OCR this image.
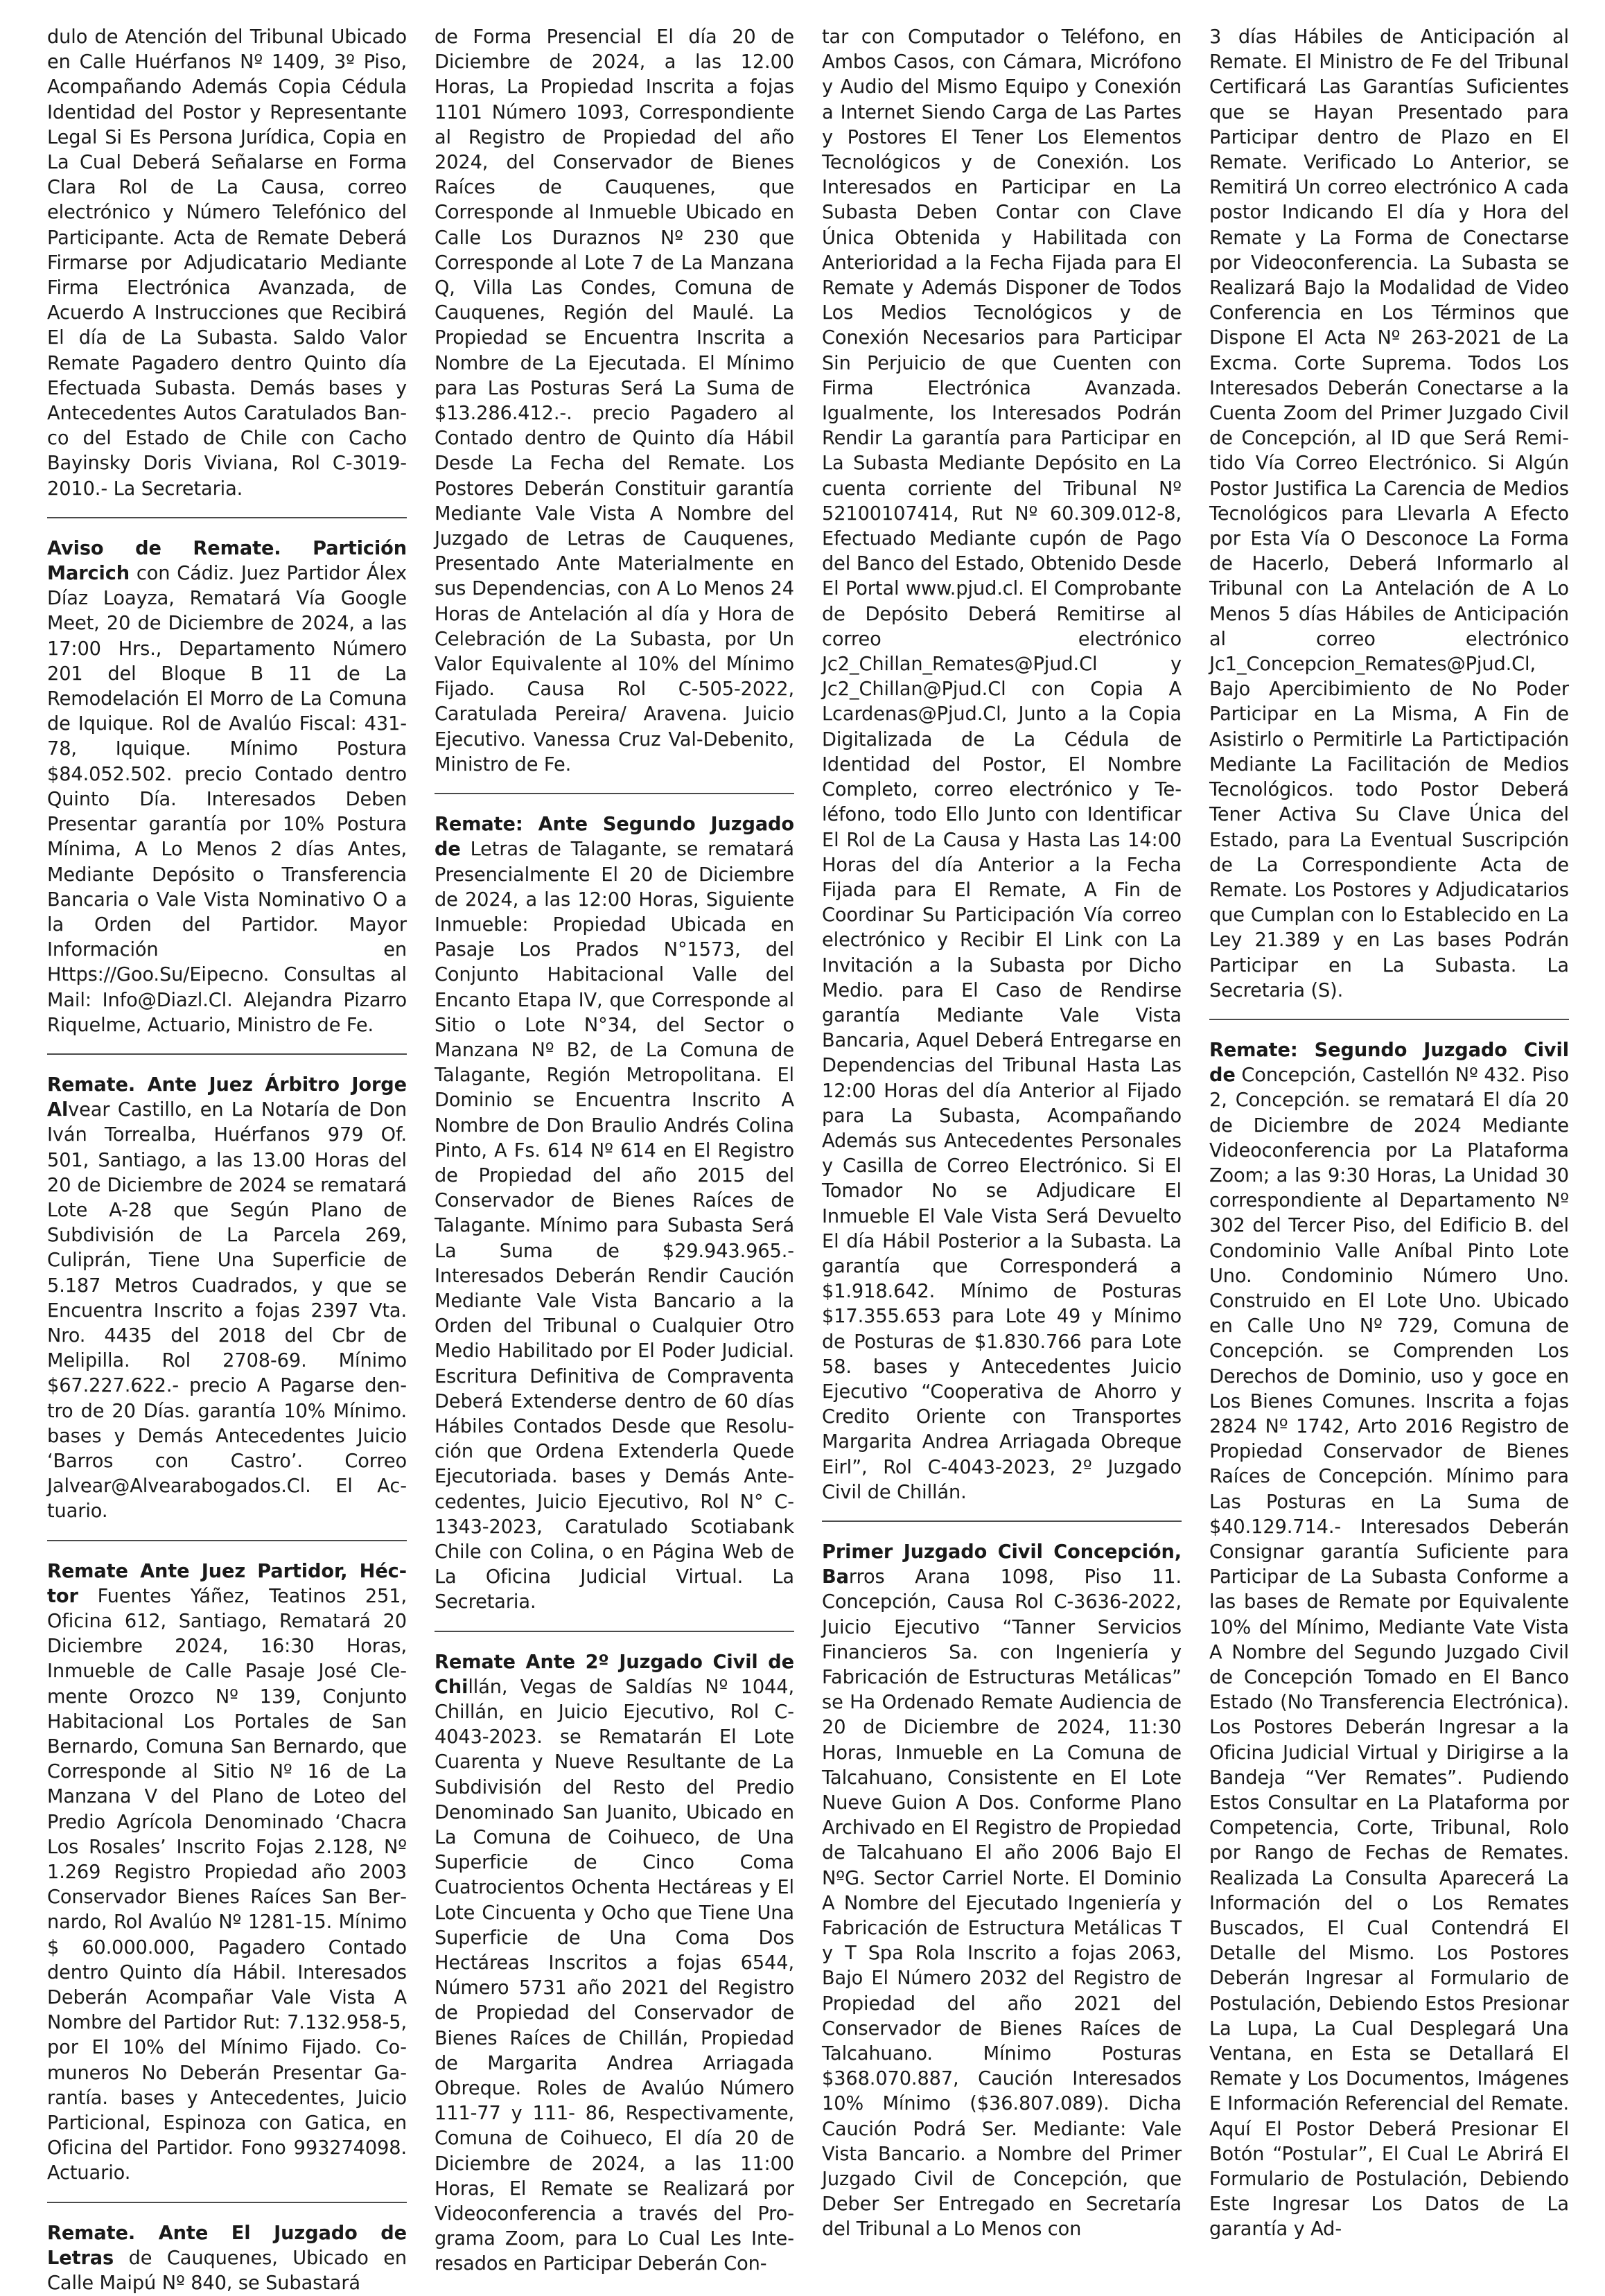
dulo de Atención del Tribunal Ubicado en Calle Huérfanos Nº 1409, 3º Piso, Acompañando Además Copia Cédula Identidad del Postor y Representante Legal Si Es Persona Jurídica, Copia en La Cual Deberá Señalarse en Forma Clara Rol de La Causa, correo electrónico y Número Telefónico del Participante. Acta de Remate Deberá Firmarse por Adjudicatario Mediante Firma Electrónica Avanzada, de Acuerdo A Instrucciones que Recibirá El día de La Subasta. Saldo Valor Remate Pagadero dentro Quinto día Efectuada Subasta. Demás bases y Antecedentes Autos Caratulados Banco del Estado de Chile con Cacho Bayinsky Doris Viviana, Rol C-3019-2010.- La Secretaria.

Aviso de Remate. Partición Marcich con Cádiz. Juez Partidor Álex Díaz Loayza, Rematará Vía Google Meet, 20 de Diciembre de 2024, a las 17:00 Hrs., Departamento Número 201 del Bloque B 11 de La Remodelación El Morro de La Comuna de Iquique. Rol de Avalúo Fiscal: 431-78, Iquique. Mínimo Postura $84.052.502. precio Contado dentro Quinto Día. Interesados Deben Presentar garantía por 10% Postura Mínima, A Lo Menos 2 días Antes, Mediante Depósito o Transferencia Bancaria o Vale Vista Nominativo O a la Orden del Partidor. Mayor Información en Https://Goo.Su/Eipecno. Consultas al Mail: Info@Diazl.Cl. Alejandra Pizarro Riquelme, Actuario, Ministro de Fe.

Remate. Ante Juez Árbitro Jorge Alvear Castillo, en La Notaría de Don Iván Torrealba, Huérfanos 979 Of. 501, Santiago, a las 13.00 Horas del 20 de Diciembre de 2024 se rematará Lote A-28 que Según Plano de Subdivisión de La Parcela 269, Culiprán, Tiene Una Superficie de 5.187 Metros Cuadrados, y que se Encuentra Inscrito a fojas 2397 Vta. Nro. 4435 del 2018 del Cbr de Melipilla. Rol 2708-69. Mínimo $67.227.622.- precio A Pagarse dentro de 20 Días. garantía 10% Mínimo. bases y Demás Antecedentes Juicio ‘Barros con Castro’. Correo Jalvear@Alvearabogados.Cl. El Actuario.

Remate Ante Juez Partidor, Héctor Fuentes Yáñez, Teatinos 251, Oficina 612, Santiago, Rematará 20 Diciembre 2024, 16:30 Horas, Inmueble de Calle Pasaje José Clemente Orozco Nº 139, Conjunto Habitacional Los Portales de San Bernardo, Comuna San Bernardo, que Corresponde al Sitio Nº 16 de La Manzana V del Plano de Loteo del Predio Agrícola Denominado ‘Chacra Los Rosales’ Inscrito Fojas 2.128, Nº 1.269 Registro Propiedad año 2003 Conservador Bienes Raíces San Bernardo, Rol Avalúo Nº 1281-15. Mínimo $ 60.000.000, Pagadero Contado dentro Quinto día Hábil. Interesados Deberán Acompañar Vale Vista A Nombre del Partidor Rut: 7.132.958-5, por El 10% del Mínimo Fijado. Comuneros No Deberán Presentar Garantía. bases y Antecedentes, Juicio Particional, Espinoza con Gatica, en Oficina del Partidor. Fono 993274098. Actuario.

Remate. Ante El Juzgado de Letras de Cauquenes, Ubicado en Calle Maipú Nº 840, se Subastará

de Forma Presencial El día 20 de Diciembre de 2024, a las 12.00 Horas, La Propiedad Inscrita a fojas 1101 Número 1093, Correspondiente al Registro de Propiedad del año 2024, del Conservador de Bienes Raíces de Cauquenes, que Corresponde al Inmueble Ubicado en Calle Los Duraznos Nº 230 que Corresponde al Lote 7 de La Manzana Q, Villa Las Condes, Comuna de Cauquenes, Región del Maulé. La Propiedad se Encuentra Inscrita a Nombre de La Ejecutada. El Mínimo para Las Posturas Será La Suma de $13.286.412.-. precio Pagadero al Contado dentro de Quinto día Hábil Desde La Fecha del Remate. Los Postores Deberán Constituir garantía Mediante Vale Vista A Nombre del Juzgado de Letras de Cauquenes, Presentado Ante Materialmente en sus Dependencias, con A Lo Menos 24 Horas de Antelación al día y Hora de Celebración de La Subasta, por Un Valor Equivalente al 10% del Mínimo Fijado. Causa Rol C-505-2022, Caratulada Pereira/ Aravena. Juicio Ejecutivo. Vanessa Cruz Val-Debenito, Ministro de Fe.

Remate: Ante Segundo Juzgado de Letras de Talagante, se rematará Presencialmente El 20 de Diciembre de 2024, a las 12:00 Horas, Siguiente Inmueble: Propiedad Ubicada en Pasaje Los Prados N°1573, del Conjunto Habitacional Valle del Encanto Etapa IV, que Corresponde al Sitio o Lote N°34, del Sector o Manzana Nº B2, de La Comuna de Talagante, Región Metropolitana. El Dominio se Encuentra Inscrito A Nombre de Don Braulio Andrés Colina Pinto, A Fs. 614 Nº 614 en El Registro de Propiedad del año 2015 del Conservador de Bienes Raíces de Talagante. Mínimo para Subasta Será La Suma de $29.943.965.- Interesados Deberán Rendir Caución Mediante Vale Vista Bancario a la Orden del Tribunal o Cualquier Otro Medio Habilitado por El Poder Judicial. Escritura Definitiva de Compraventa Deberá Extenderse dentro de 60 días Hábiles Contados Desde que Resolución que Ordena Extenderla Quede Ejecutoriada. bases y Demás Antecedentes, Juicio Ejecutivo, Rol N° C-1343-2023, Caratulado Scotiabank Chile con Colina, o en Página Web de La Oficina Judicial Virtual. La Secretaria.

Remate Ante 2º Juzgado Civil de Chillán, Vegas de Saldías Nº 1044, Chillán, en Juicio Ejecutivo, Rol C-4043-2023. se Rematarán El Lote Cuarenta y Nueve Resultante de La Subdivisión del Resto del Predio Denominado San Juanito, Ubicado en La Comuna de Coihueco, de Una Superficie de Cinco Coma Cuatrocientos Ochenta Hectáreas y El Lote Cincuenta y Ocho que Tiene Una Superficie de Una Coma Dos Hectáreas Inscritos a fojas 6544, Número 5731 año 2021 del Registro de Propiedad del Conservador de Bienes Raíces de Chillán, Propiedad de Margarita Andrea Arriagada Obreque. Roles de Avalúo Número 111-77 y 111- 86, Respectivamente, Comuna de Coihueco, El día 20 de Diciembre de 2024, a las 11:00 Horas, El Remate se Realizará por Videoconferencia a través del Programa Zoom, para Lo Cual Les Interesados en Participar Deberán Con-

tar con Computador o Teléfono, en Ambos Casos, con Cámara, Micrófono y Audio del Mismo Equipo y Conexión a Internet Siendo Carga de Las Partes y Postores El Tener Los Elementos Tecnológicos y de Conexión. Los Interesados en Participar en La Subasta Deben Contar con Clave Única Obtenida y Habilitada con Anterioridad a la Fecha Fijada para El Remate y Además Disponer de Todos Los Medios Tecnológicos y de Conexión Necesarios para Participar Sin Perjuicio de que Cuenten con Firma Electrónica Avanzada. Igualmente, los Interesados Podrán Rendir La garantía para Participar en La Subasta Mediante Depósito en La cuenta corriente del Tribunal Nº 52100107414, Rut Nº 60.309.012-8, Efectuado Mediante cupón de Pago del Banco del Estado, Obtenido Desde El Portal www.pjud.cl. El Comprobante de Depósito Deberá Remitirse al correo electrónico Jc2_Chillan_Remates@Pjud.Cl y Jc2_Chillan@Pjud.Cl con Copia A Lcardenas@Pjud.Cl, Junto a la Copia Digitalizada de La Cédula de Identidad del Postor, El Nombre Completo, correo electrónico y Teléfono, todo Ello Junto con Identificar El Rol de La Causa y Hasta Las 14:00 Horas del día Anterior a la Fecha Fijada para El Remate, A Fin de Coordinar Su Participación Vía correo electrónico y Recibir El Link con La Invitación a la Subasta por Dicho Medio. para El Caso de Rendirse garantía Mediante Vale Vista Bancaria, Aquel Deberá Entregarse en Dependencias del Tribunal Hasta Las 12:00 Horas del día Anterior al Fijado para La Subasta, Acompañando Además sus Antecedentes Personales y Casilla de Correo Electrónico. Si El Tomador No se Adjudicare El Inmueble El Vale Vista Será Devuelto El día Hábil Posterior a la Subasta. La garantía que Corresponderá a $1.918.642. Mínimo de Posturas $17.355.653 para Lote 49 y Mínimo de Posturas de $1.830.766 para Lote 58. bases y Antecedentes Juicio Ejecutivo “Cooperativa de Ahorro y Credito Oriente con Transportes Margarita Andrea Arriagada Obreque Eirl”, Rol C-4043-2023, 2º Juzgado Civil de Chillán.

Primer Juzgado Civil Concepción, Barros Arana 1098, Piso 11. Concepción, Causa Rol C-3636-2022, Juicio Ejecutivo “Tanner Servicios Financieros Sa. con Ingeniería y Fabricación de Estructuras Metálicas” se Ha Ordenado Remate Audiencia de 20 de Diciembre de 2024, 11:30 Horas, Inmueble en La Comuna de Talcahuano, Consistente en El Lote Nueve Guion A Dos. Conforme Plano Archivado en El Registro de Propiedad de Talcahuano El año 2006 Bajo El NºG. Sector Carriel Norte. El Dominio A Nombre del Ejecutado Ingeniería y Fabricación de Estructura Metálicas T y T Spa Rola Inscrito a fojas 2063, Bajo El Número 2032 del Registro de Propiedad del año 2021 del Conservador de Bienes Raíces de Talcahuano. Mínimo Posturas $368.070.887, Caución Interesados 10% Mínimo ($36.807.089). Dicha Caución Podrá Ser. Mediante: Vale Vista Bancario. a Nombre del Primer Juzgado Civil de Concepción, que Deber Ser Entregado en Secretaría del Tribunal a Lo Menos con

3 días Hábiles de Anticipación al Remate. El Ministro de Fe del Tribunal Certificará Las Garantías Suficientes que se Hayan Presentado para Participar dentro de Plazo en El Remate. Verificado Lo Anterior, se Remitirá Un correo electrónico A cada postor Indicando El día y Hora del Remate y La Forma de Conectarse por Videoconferencia. La Subasta se Realizará Bajo la Modalidad de Video Conferencia en Los Términos que Dispone El Acta Nº 263-2021 de La Excma. Corte Suprema. Todos Los Interesados Deberán Conectarse a la Cuenta Zoom del Primer Juzgado Civil de Concepción, al ID que Será Remitido Vía Correo Electrónico. Si Algún Postor Justifica La Carencia de Medios Tecnológicos para Llevarla A Efecto por Esta Vía O Desconoce La Forma de Hacerlo, Deberá Informarlo al Tribunal con La Antelación de A Lo Menos 5 días Hábiles de Anticipación al correo electrónico Jc1_Concepcion_Remates@Pjud.Cl, Bajo Apercibimiento de No Poder Participar en La Misma, A Fin de Asistirlo o Permitirle La Partictipación Mediante La Facilitación de Medios Tecnológicos. todo Postor Deberá Tener Activa Su Clave Única del Estado, para La Eventual Suscripción de La Correspondiente Acta de Remate. Los Postores y Adjudicatarios que Cumplan con lo Establecido en La Ley 21.389 y en Las bases Podrán Participar en La Subasta. La Secretaria (S).

Remate: Segundo Juzgado Civil de Concepción, Castellón Nº 432. Piso 2, Concepción. se rematará El día 20 de Diciembre de 2024 Mediante Videoconferencia por La Plataforma Zoom; a las 9:30 Horas, La Unidad 30 correspondiente al Departamento Nº 302 del Tercer Piso, del Edificio B. del Condominio Valle Aníbal Pinto Lote Uno. Condominio Número Uno. Construido en El Lote Uno. Ubicado en Calle Uno Nº 729, Comuna de Concepción. se Comprenden Los Derechos de Dominio, uso y goce en Los Bienes Comunes. Inscrita a fojas 2824 Nº 1742, Arto 2016 Registro de Propiedad Conservador de Bienes Raíces de Concepción. Mínimo para Las Posturas en La Suma de $40.129.714.- Interesados Deberán Consignar garantía Suficiente para Participar de La Subasta Conforme a las bases de Remate por Equivalente 10% del Mínimo, Mediante Vate Vista A Nombre del Segundo Juzgado Civil de Concepción Tomado en El Banco Estado (No Transferencia Electrónica). Los Postores Deberán Ingresar a la Oficina Judicial Virtual y Dirigirse a la Bandeja “Ver Remates”. Pudiendo Estos Consultar en La Plataforma por Competencia, Corte, Tribunal, Rolo por Rango de Fechas de Remates. Realizada La Consulta Aparecerá La Información del o Los Remates Buscados, El Cual Contendrá El Detalle del Mismo. Los Postores Deberán Ingresar al Formulario de Postulación, Debiendo Estos Presionar La Lupa, La Cual Desplegará Una Ventana, en Esta se Detallará El Remate y Los Documentos, Imágenes E Información Referencial del Remate. Aquí El Postor Deberá Presionar El Botón “Postular”, El Cual Le Abrirá El Formulario de Postulación, Debiendo Este Ingresar Los Datos de La garantía y Ad-
